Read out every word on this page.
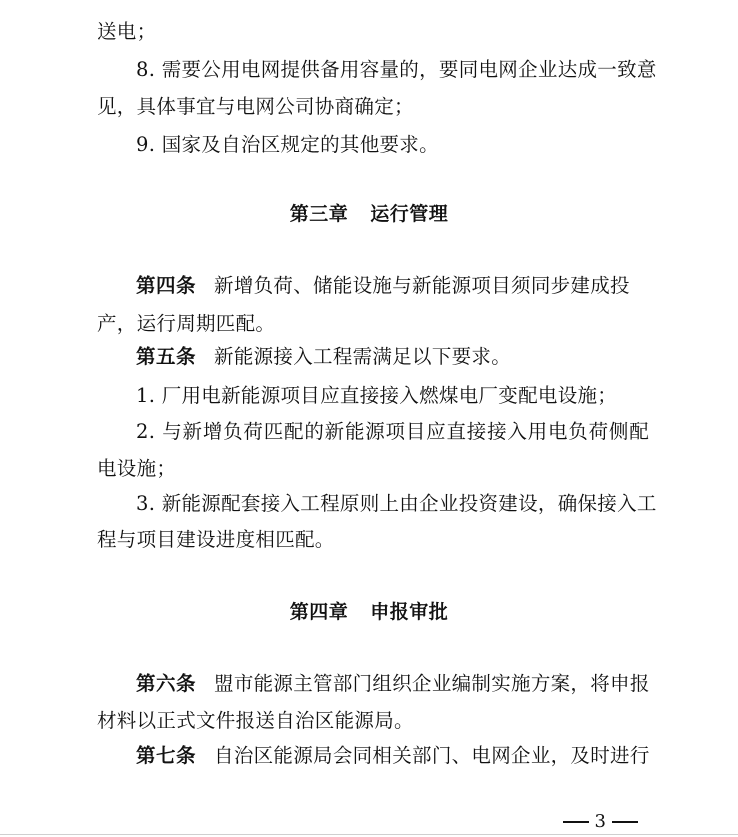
送电；
8. 需要公用电网提供备用容量的，要同电网企业达成一致意
见，具体事宜与电网公司协商确定；
9. 国家及自治区规定的其他要求。
第三章 运行管理
第四条 新增负荷、储能设施与新能源项目须同步建成投
产，运行周期匹配。
第五条 新能源接入工程需满足以下要求。
1. 厂用电新能源项目应直接接入燃煤电厂变配电设施；
2. 与新增负荷匹配的新能源项目应直接接入用电负荷侧配
电设施；
3. 新能源配套接入工程原则上由企业投资建设，确保接入工
程与项目建设进度相匹配。
第四章 申报审批
第六条 盟市能源主管部门组织企业编制实施方案，将申报
材料以正式文件报送自治区能源局。
第七条 自治区能源局会同相关部门、电网企业，及时进行
3
